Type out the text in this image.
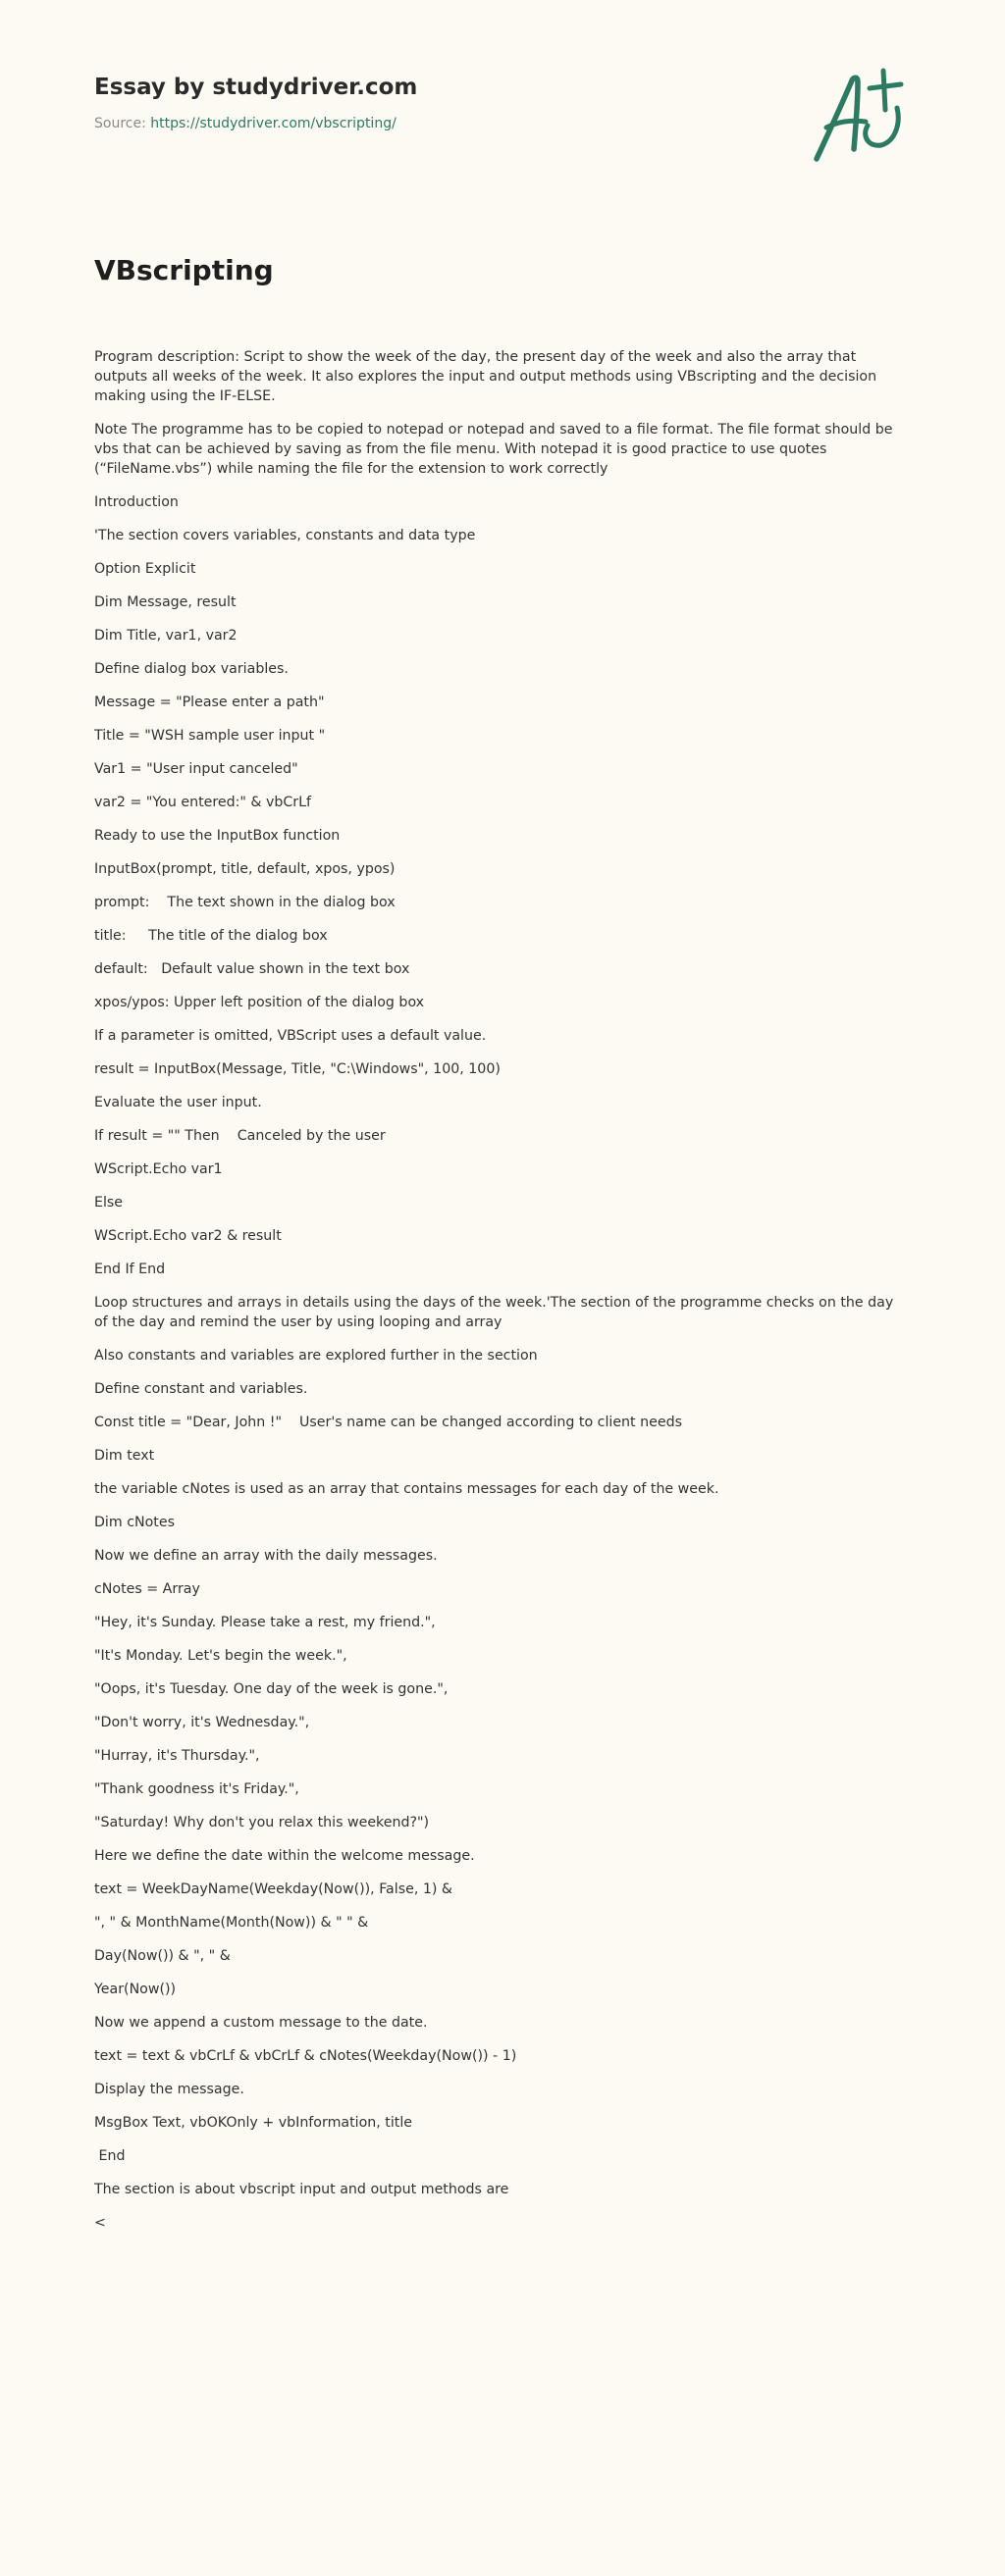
Essay by studydriver.com
Source: https://studydriver.com/vbscripting/
VBscripting

Program description: Script to show the week of the day, the present day of the week and also the array that outputs all weeks of the week. It also explores the input and output methods using VBscripting and the decision making using the IF-ELSE.

Note The programme has to be copied to notepad or notepad and saved to a file format. The file format should be vbs that can be achieved by saving as from the file menu. With notepad it is good practice to use quotes (“FileName.vbs”) while naming the file for the extension to work correctly

Introduction

'The section covers variables, constants and data type

Option Explicit

Dim Message, result

Dim Title, var1, var2

Define dialog box variables.

Message = "Please enter a path"

Title = "WSH sample user input "

Var1 = "User input canceled"

var2 = "You entered:" & vbCrLf

Ready to use the InputBox function

InputBox(prompt, title, default, xpos, ypos)

prompt:    The text shown in the dialog box

title:     The title of the dialog box

default:   Default value shown in the text box

xpos/ypos: Upper left position of the dialog box

If a parameter is omitted, VBScript uses a default value.

result = InputBox(Message, Title, "C:\Windows", 100, 100)

Evaluate the user input.

If result = "" Then    Canceled by the user

WScript.Echo var1

Else

WScript.Echo var2 & result

End If End

Loop structures and arrays in details using the days of the week.'The section of the programme checks on the day of the day and remind the user by using looping and array

Also constants and variables are explored further in the section

Define constant and variables.

Const title = "Dear, John !"    User's name can be changed according to client needs

Dim text

the variable cNotes is used as an array that contains messages for each day of the week.

Dim cNotes

Now we define an array with the daily messages.

cNotes = Array

"Hey, it's Sunday. Please take a rest, my friend.",

"It's Monday. Let's begin the week.",

"Oops, it's Tuesday. One day of the week is gone.",

"Don't worry, it's Wednesday.",

"Hurray, it's Thursday.",

"Thank goodness it's Friday.",

"Saturday! Why don't you relax this weekend?")

Here we define the date within the welcome message.

text = WeekDayName(Weekday(Now()), False, 1) &

", " & MonthName(Month(Now)) & " " &

Day(Now()) & ", " &

Year(Now())

Now we append a custom message to the date.

text = text & vbCrLf & vbCrLf & cNotes(Weekday(Now()) - 1)

Display the message.

MsgBox Text, vbOKOnly + vbInformation, title

End

The section is about vbscript input and output methods are

<
